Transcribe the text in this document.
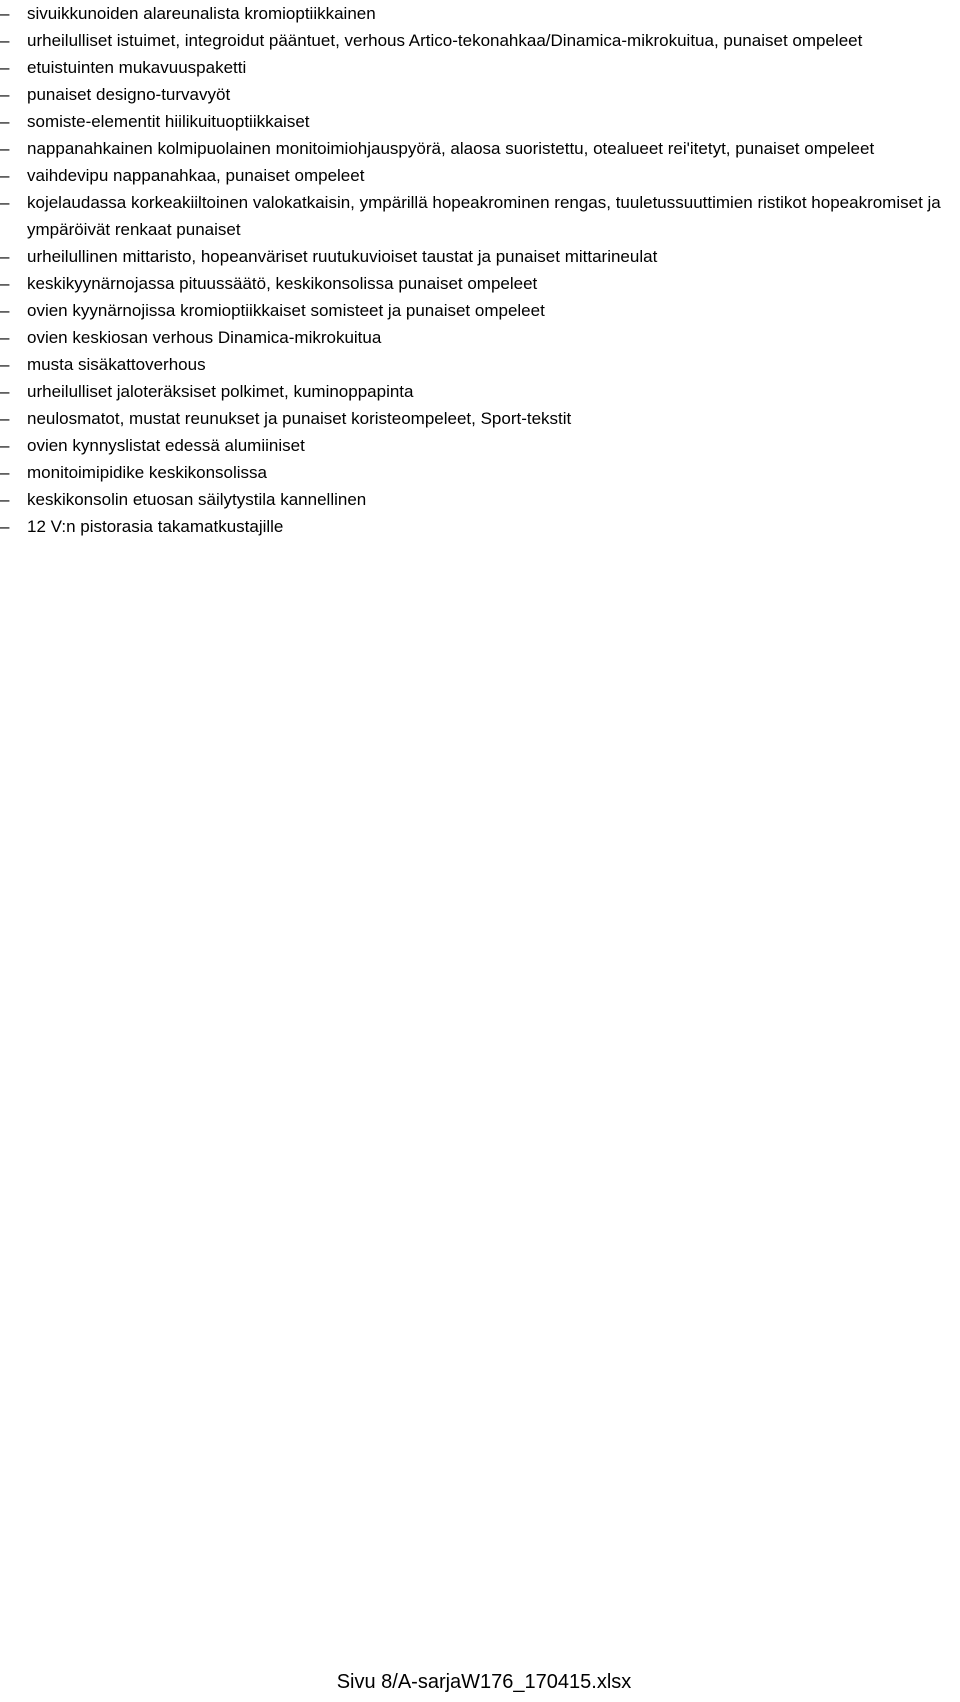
–	sivuikkunoiden alareunalista kromioptiikkainen
–	urheilulliset istuimet, integroidut pääntuet, verhous Artico-tekonahkaa/Dinamica-mikrokuitua, punaiset ompeleet
–	etuistuinten mukavuuspaketti
–	punaiset designo-turvavyöt
–	somiste-elementit hiilikuituoptiikkaiset
–	nappanahkainen kolmipuolainen monitoimiohjauspyörä, alaosa suoristettu, otealueet rei'itetyt, punaiset ompeleet
–	vaihdevipu nappanahkaa, punaiset ompeleet
–	kojelaudassa korkeakiiltoinen valokatkaisin, ympärillä hopeakrominen rengas, tuuletussuuttimien ristikot hopeakromiset ja ympäröivät renkaat punaiset
–	urheilullinen mittaristo, hopeanväriset ruutukuvioiset taustat ja punaiset mittarineulat
–	keskikyynärnojassa pituussäätö, keskikonsolissa punaiset ompeleet
–	ovien kyynärnojissa kromioptiikkaiset somisteet ja punaiset ompeleet
–	ovien keskiosan verhous Dinamica-mikrokuitua
–	musta sisäkattoverhous
–	urheilulliset jaloteräksiset polkimet, kuminoppapinta
–	neulosmatot, mustat reunukset ja punaiset koristeompeleet, Sport-tekstit
–	ovien kynnyslistat edessä alumiiniset
–	monitoimipidike keskikonsolissa
–	keskikonsolin etuosan säilytystila kannellinen
–	12 V:n pistorasia takamatkustajille
Sivu 8/A-sarjaW176_170415.xlsx
